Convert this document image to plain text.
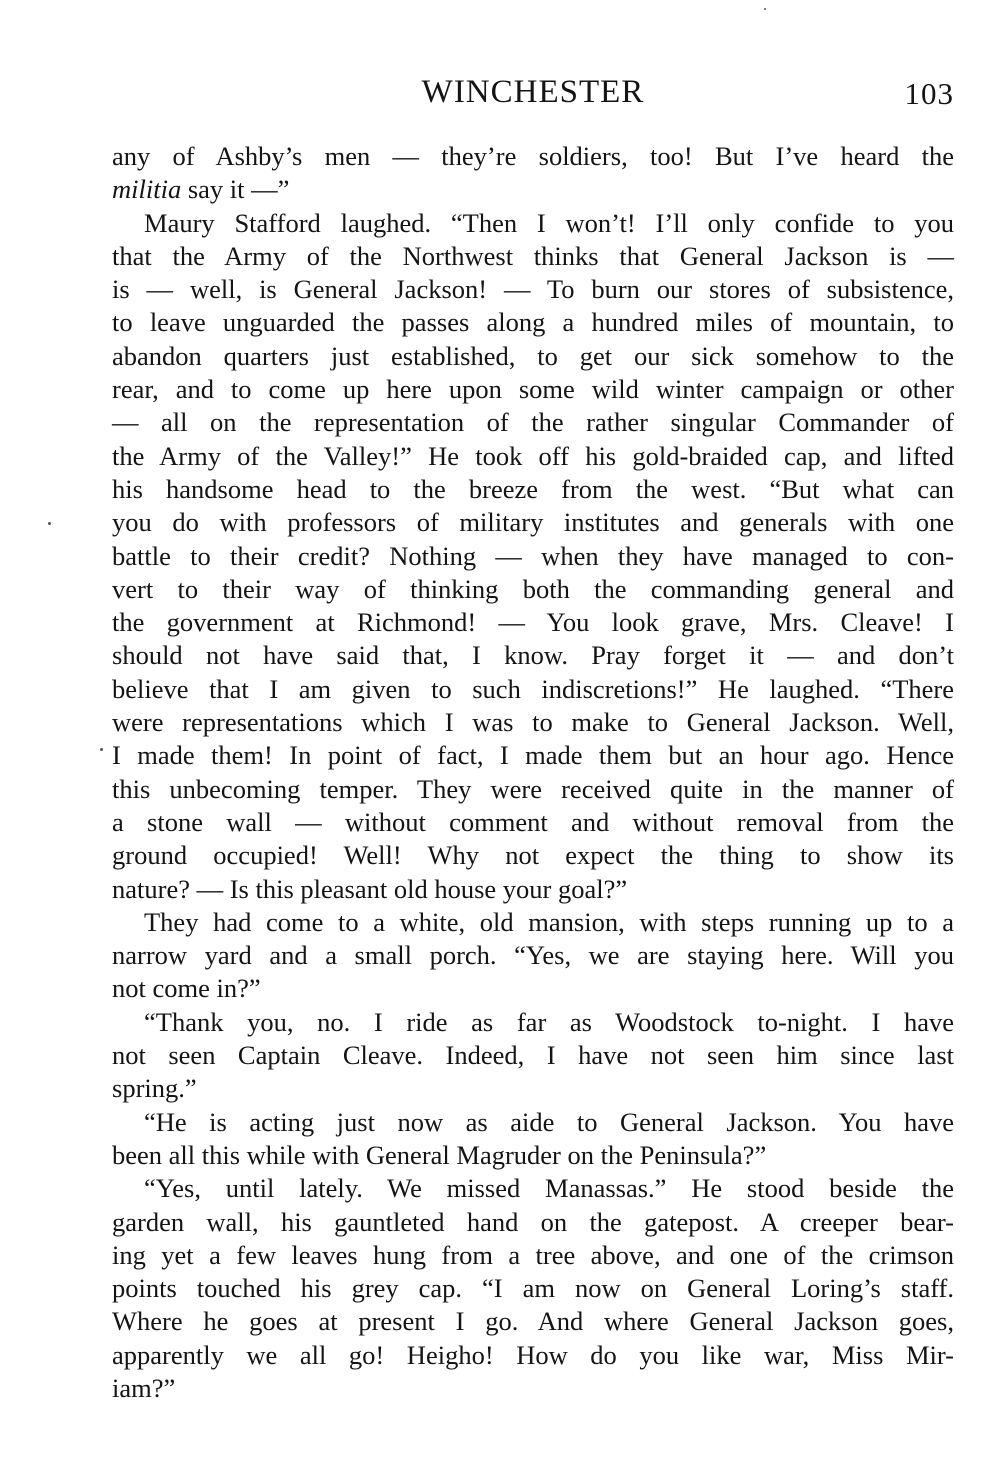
WINCHESTER	103
any of Ashby’s men — they’re soldiers, too! But I’ve heard the
militia say it —”
Maury Stafford laughed. “Then I won’t! I’ll only confide to you
that the Army of the Northwest thinks that General Jackson is —
is — well, is General Jackson! — To burn our stores of subsistence,
to leave unguarded the passes along a hundred miles of mountain, to
abandon quarters just established, to get our sick somehow to the
rear, and to come up here upon some wild winter campaign or other
— all on the representation of the rather singular Commander of
the Army of the Valley!” He took off his gold-braided cap, and lifted
his handsome head to the breeze from the west. “But what can
you do with professors of military institutes and generals with one
battle to their credit? Nothing — when they have managed to con-
vert to their way of thinking both the commanding general and
the government at Richmond! — You look grave, Mrs. Cleave! I
should not have said that, I know. Pray forget it — and don’t
believe that I am given to such indiscretions!” He laughed. “There
were representations which I was to make to General Jackson. Well,
I made them! In point of fact, I made them but an hour ago. Hence
this unbecoming temper. They were received quite in the manner of
a stone wall — without comment and without removal from the
ground occupied! Well! Why not expect the thing to show its
nature? — Is this pleasant old house your goal?”
They had come to a white, old mansion, with steps running up to a
narrow yard and a small porch. “Yes, we are staying here. Will you
not come in?”
“Thank you, no. I ride as far as Woodstock to-night. I have
not seen Captain Cleave. Indeed, I have not seen him since last
spring.”
“He is acting just now as aide to General Jackson. You have
been all this while with General Magruder on the Peninsula?”
“Yes, until lately. We missed Manassas.” He stood beside the
garden wall, his gauntleted hand on the gatepost. A creeper bear-
ing yet a few leaves hung from a tree above, and one of the crimson
points touched his grey cap. “I am now on General Loring’s staff.
Where he goes at present I go. And where General Jackson goes,
apparently we all go! Heigho! How do you like war, Miss Mir-
iam?”
